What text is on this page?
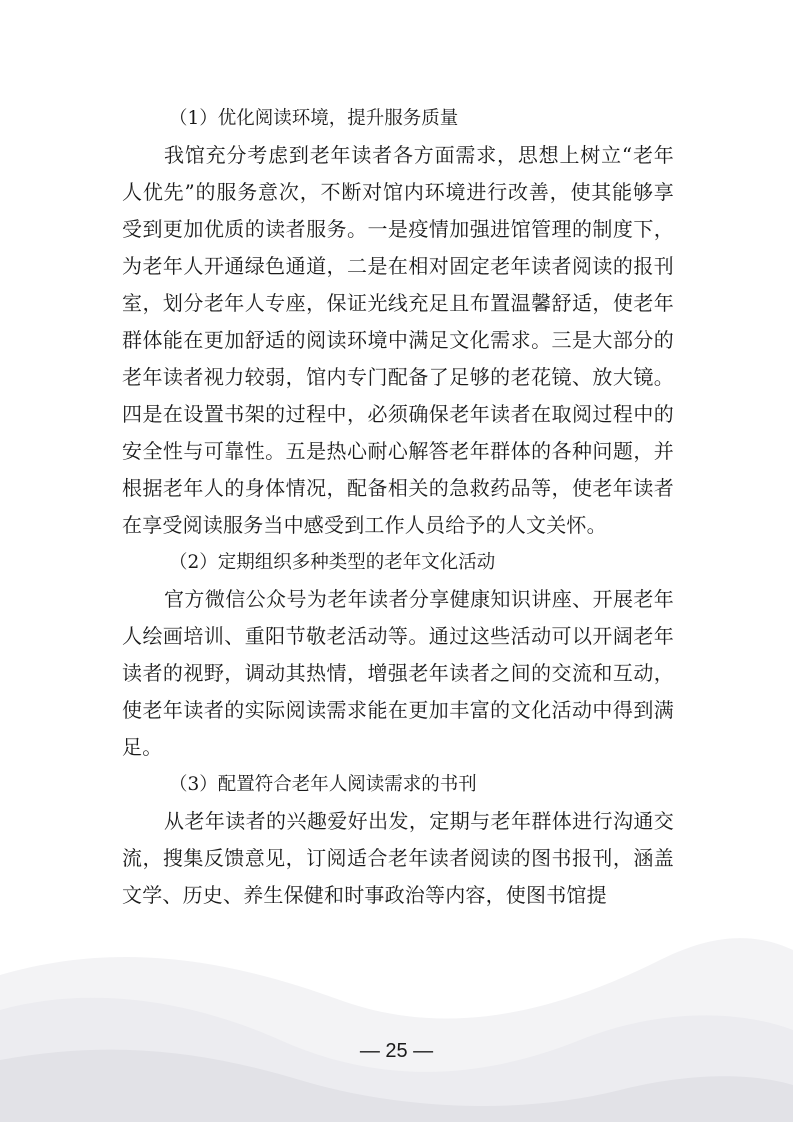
（1）优化阅读环境，提升服务质量

我馆充分考虑到老年读者各方面需求，思想上树立“老年人优先”的服务意次，不断对馆内环境进行改善，使其能够享受到更加优质的读者服务。一是疫情加强进馆管理的制度下，为老年人开通绿色通道，二是在相对固定老年读者阅读的报刊室，划分老年人专座，保证光线充足且布置温馨舒适，使老年群体能在更加舒适的阅读环境中满足文化需求。三是大部分的老年读者视力较弱，馆内专门配备了足够的老花镜、放大镜。四是在设置书架的过程中，必须确保老年读者在取阅过程中的安全性与可靠性。五是热心耐心解答老年群体的各种问题，并根据老年人的身体情况，配备相关的急救药品等，使老年读者在享受阅读服务当中感受到工作人员给予的人文关怀。

（2）定期组织多种类型的老年文化活动

官方微信公众号为老年读者分享健康知识讲座、开展老年人绘画培训、重阳节敬老活动等。通过这些活动可以开阔老年读者的视野，调动其热情，增强老年读者之间的交流和互动，使老年读者的实际阅读需求能在更加丰富的文化活动中得到满足。

（3）配置符合老年人阅读需求的书刊

从老年读者的兴趣爱好出发，定期与老年群体进行沟通交流，搜集反馈意见，订阅适合老年读者阅读的图书报刊，涵盖文学、历史、养生保健和时事政治等内容，使图书馆提

— 25 —
